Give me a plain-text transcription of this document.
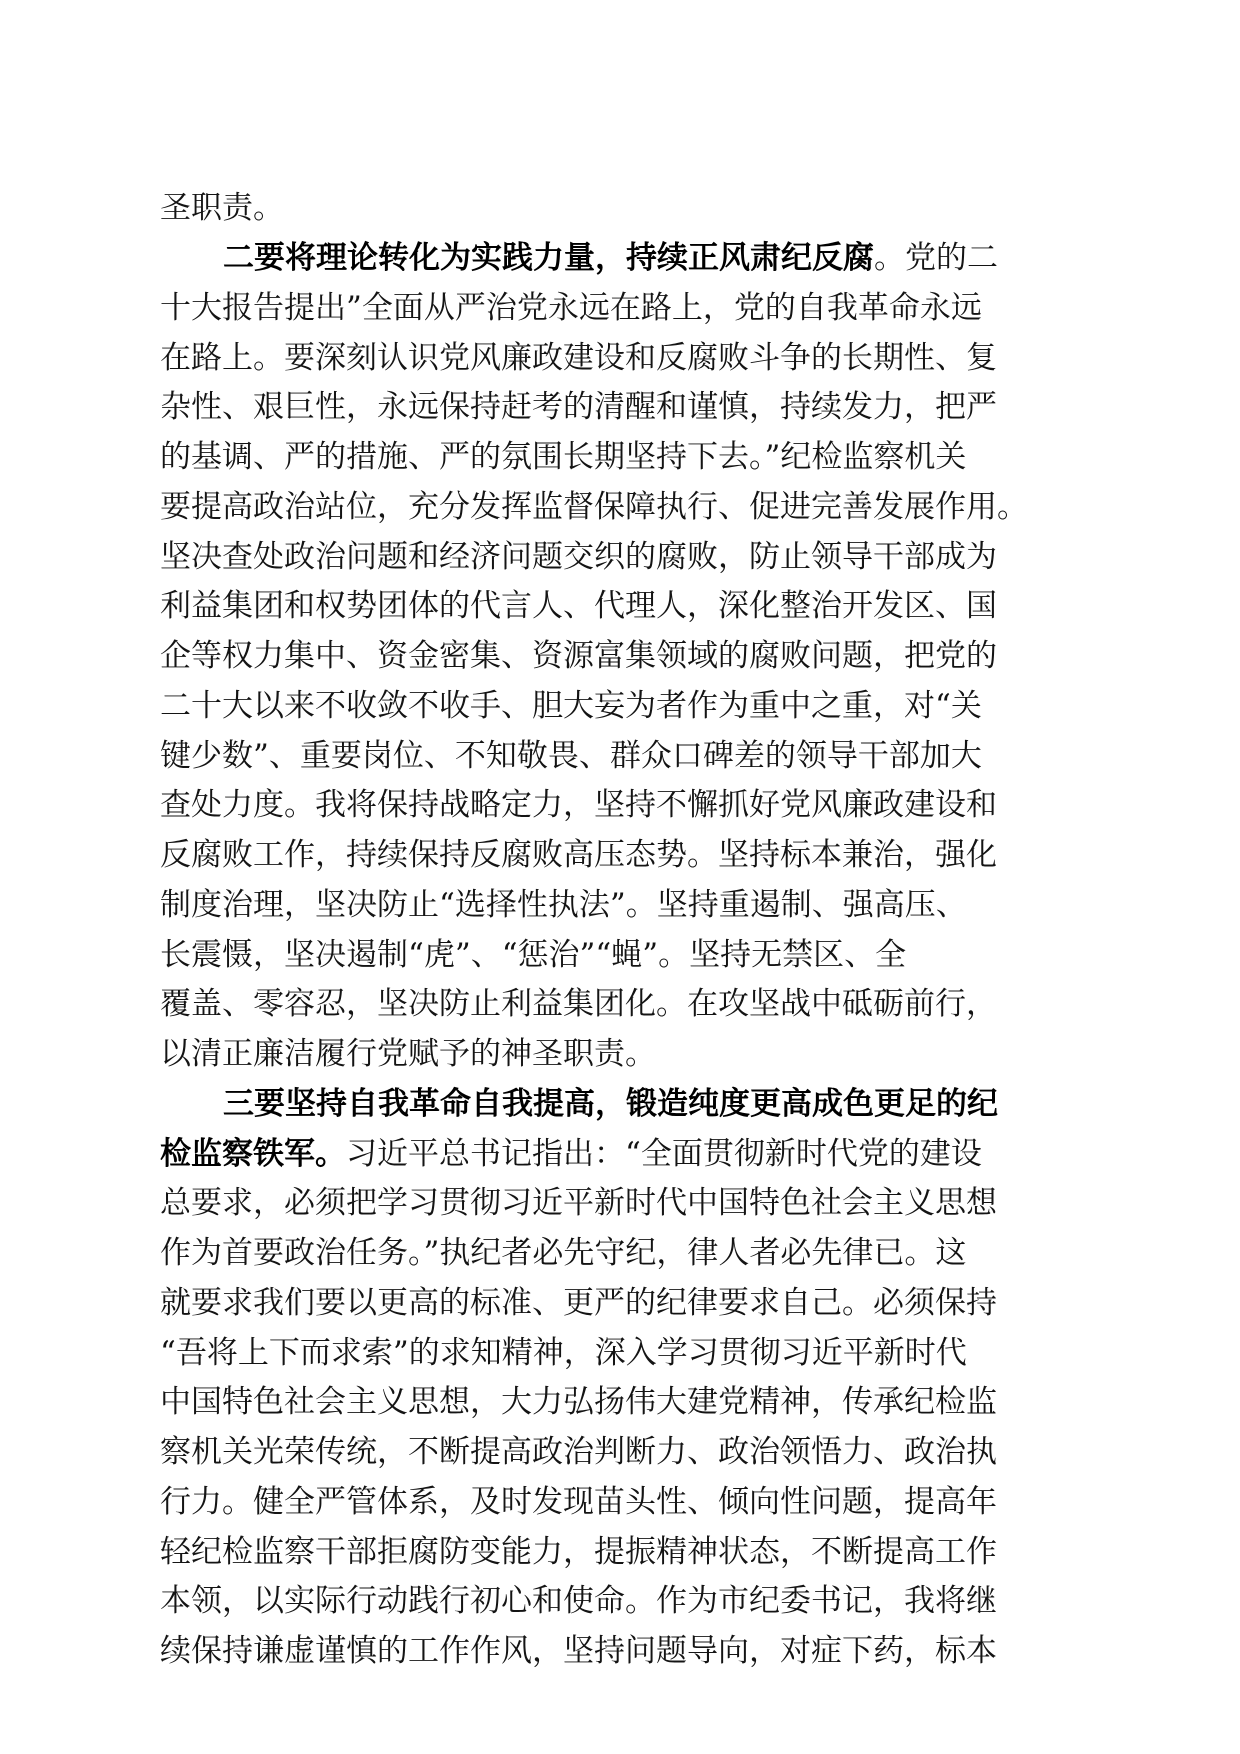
圣职责。
二要将理论转化为实践力量，持续正风肃纪反腐。党的二
十大报告提出”全面从严治党永远在路上，党的自我革命永远
在路上。要深刻认识党风廉政建设和反腐败斗争的长期性、复
杂性、艰巨性，永远保持赶考的清醒和谨慎，持续发力，把严
的基调、严的措施、严的氛围长期坚持下去。”纪检监察机关
要提高政治站位，充分发挥监督保障执行、促进完善发展作用。
坚决查处政治问题和经济问题交织的腐败，防止领导干部成为
利益集团和权势团体的代言人、代理人，深化整治开发区、国
企等权力集中、资金密集、资源富集领域的腐败问题，把党的
二十大以来不收敛不收手、胆大妄为者作为重中之重，对“关
键少数”、重要岗位、不知敬畏、群众口碑差的领导干部加大
查处力度。我将保持战略定力，坚持不懈抓好党风廉政建设和
反腐败工作，持续保持反腐败高压态势。坚持标本兼治，强化
制度治理，坚决防止“选择性执法”。坚持重遏制、强高压、
长震慑，坚决遏制“虎”、“惩治”“蝇”。坚持无禁区、全
覆盖、零容忍，坚决防止利益集团化。在攻坚战中砥砺前行，
以清正廉洁履行党赋予的神圣职责。
三要坚持自我革命自我提高，锻造纯度更高成色更足的纪
检监察铁军。习近平总书记指出：“全面贯彻新时代党的建设
总要求，必须把学习贯彻习近平新时代中国特色社会主义思想
作为首要政治任务。”执纪者必先守纪，律人者必先律已。这
就要求我们要以更高的标准、更严的纪律要求自己。必须保持
“吾将上下而求索”的求知精神，深入学习贯彻习近平新时代
中国特色社会主义思想，大力弘扬伟大建党精神，传承纪检监
察机关光荣传统，不断提高政治判断力、政治领悟力、政治执
行力。健全严管体系，及时发现苗头性、倾向性问题，提高年
轻纪检监察干部拒腐防变能力，提振精神状态，不断提高工作
本领，以实际行动践行初心和使命。作为市纪委书记，我将继
续保持谦虚谨慎的工作作风，坚持问题导向，对症下药，标本
